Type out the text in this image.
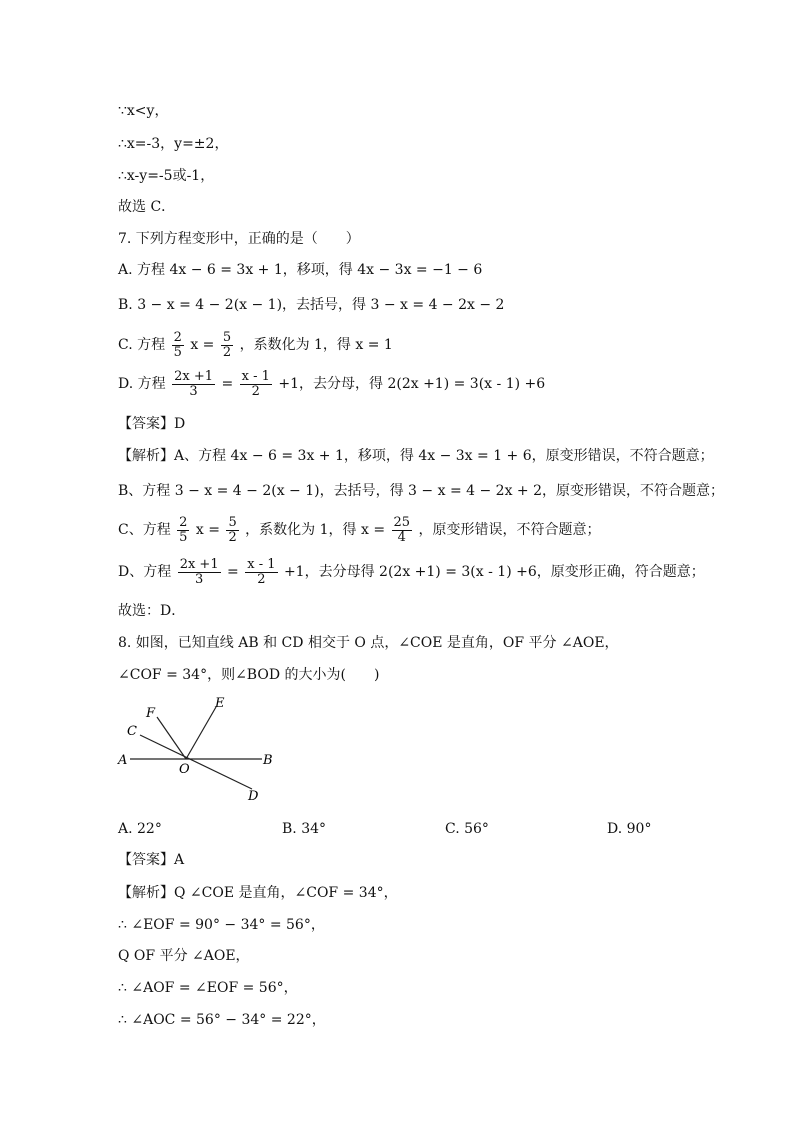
∵x<y，
∴x=-3，y=±2，
∴x-y=-5或-1，
故选 C．
7. 下列方程变形中，正确的是（　　）
A. 方程 4x − 6 = 3x + 1，移项，得 4x − 3x = −1 − 6
B. 3 − x = 4 − 2(x − 1)，去括号，得 3 − x = 4 − 2x − 2
C. 方程 $\frac{2}{5}$ $x = \frac{5}{2}$ ，系数化为 1，得 x = 1
D. 方程 $\frac{2x +1}{3} = \frac{x - 1}{2} +1$，去分母，得 2(2x +1) = 3(x - 1) +6
【答案】D
【解析】A、方程 4x − 6 = 3x + 1，移项，得 4x − 3x = 1 + 6，原变形错误，不符合题意；
B、方程 3 − x = 4 − 2(x − 1)，去括号，得 3 − x = 4 − 2x + 2，原变形错误，不符合题意；
C、方程 $\frac{2}{5}$ $x = \frac{5}{2}$ ，系数化为 1，得 $x = \frac{25}{4}$ ，原变形错误，不符合题意；
D、方程 $\frac{2x +1}{3} = \frac{x - 1}{2} +1$，去分母得 2(2x +1) = 3(x - 1) +6，原变形正确，符合题意；
故选：D．
8. 如图，已知直线 AB 和 CD 相交于 O 点，∠COE 是直角，OF 平分 ∠AOE，
∠COF = 34°，则∠BOD 的大小为(　　)
F
E
C
A
O
B
D
A. 22°	B. 34°	C. 56°	D. 90°
【答案】A
【解析】Q ∠COE 是直角，∠COF = 34°，
∴ ∠EOF = 90° − 34° = 56°，
Q OF 平分 ∠AOE，
∴ ∠AOF = ∠EOF = 56°，
∴ ∠AOC = 56° − 34° = 22°，
